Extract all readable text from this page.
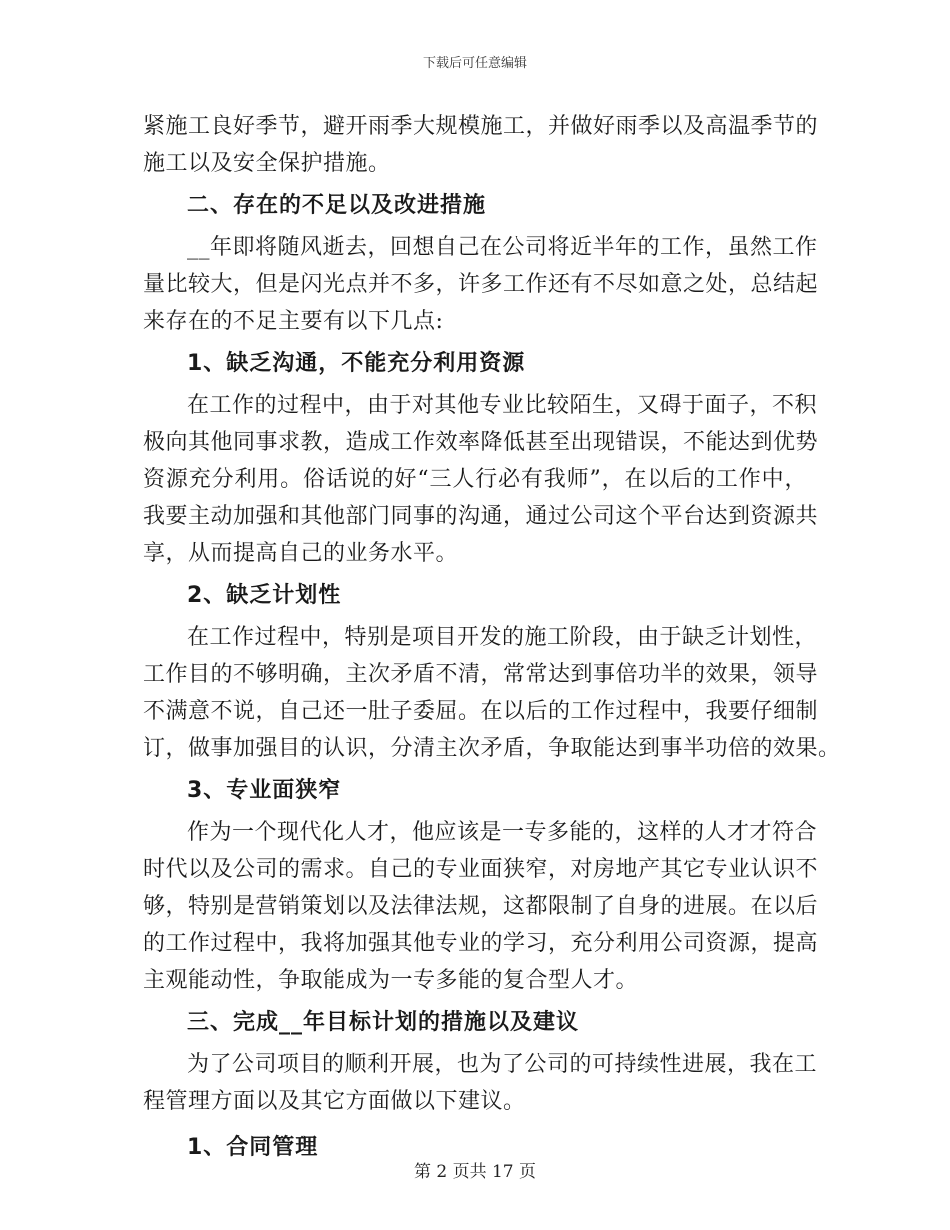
下载后可任意编辑
紧施工良好季节，避开雨季大规模施工，并做好雨季以及高温季节的
施工以及安全保护措施。
二、存在的不足以及改进措施
__年即将随风逝去，回想自己在公司将近半年的工作，虽然工作
量比较大，但是闪光点并不多，许多工作还有不尽如意之处，总结起
来存在的不足主要有以下几点:
1、缺乏沟通，不能充分利用资源
在工作的过程中，由于对其他专业比较陌生，又碍于面子，不积
极向其他同事求教，造成工作效率降低甚至出现错误，不能达到优势
资源充分利用。俗话说的好“三人行必有我师”，在以后的工作中，
我要主动加强和其他部门同事的沟通，通过公司这个平台达到资源共
享，从而提高自己的业务水平。
2、缺乏计划性
在工作过程中，特别是项目开发的施工阶段，由于缺乏计划性，
工作目的不够明确，主次矛盾不清，常常达到事倍功半的效果，领导
不满意不说，自己还一肚子委屈。在以后的工作过程中，我要仔细制
订，做事加强目的认识，分清主次矛盾，争取能达到事半功倍的效果。
3、专业面狭窄
作为一个现代化人才，他应该是一专多能的，这样的人才才符合
时代以及公司的需求。自己的专业面狭窄，对房地产其它专业认识不
够，特别是营销策划以及法律法规，这都限制了自身的进展。在以后
的工作过程中，我将加强其他专业的学习，充分利用公司资源，提高
主观能动性，争取能成为一专多能的复合型人才。
三、完成__年目标计划的措施以及建议
为了公司项目的顺利开展，也为了公司的可持续性进展，我在工
程管理方面以及其它方面做以下建议。
1、合同管理
第 2 页共 17 页
